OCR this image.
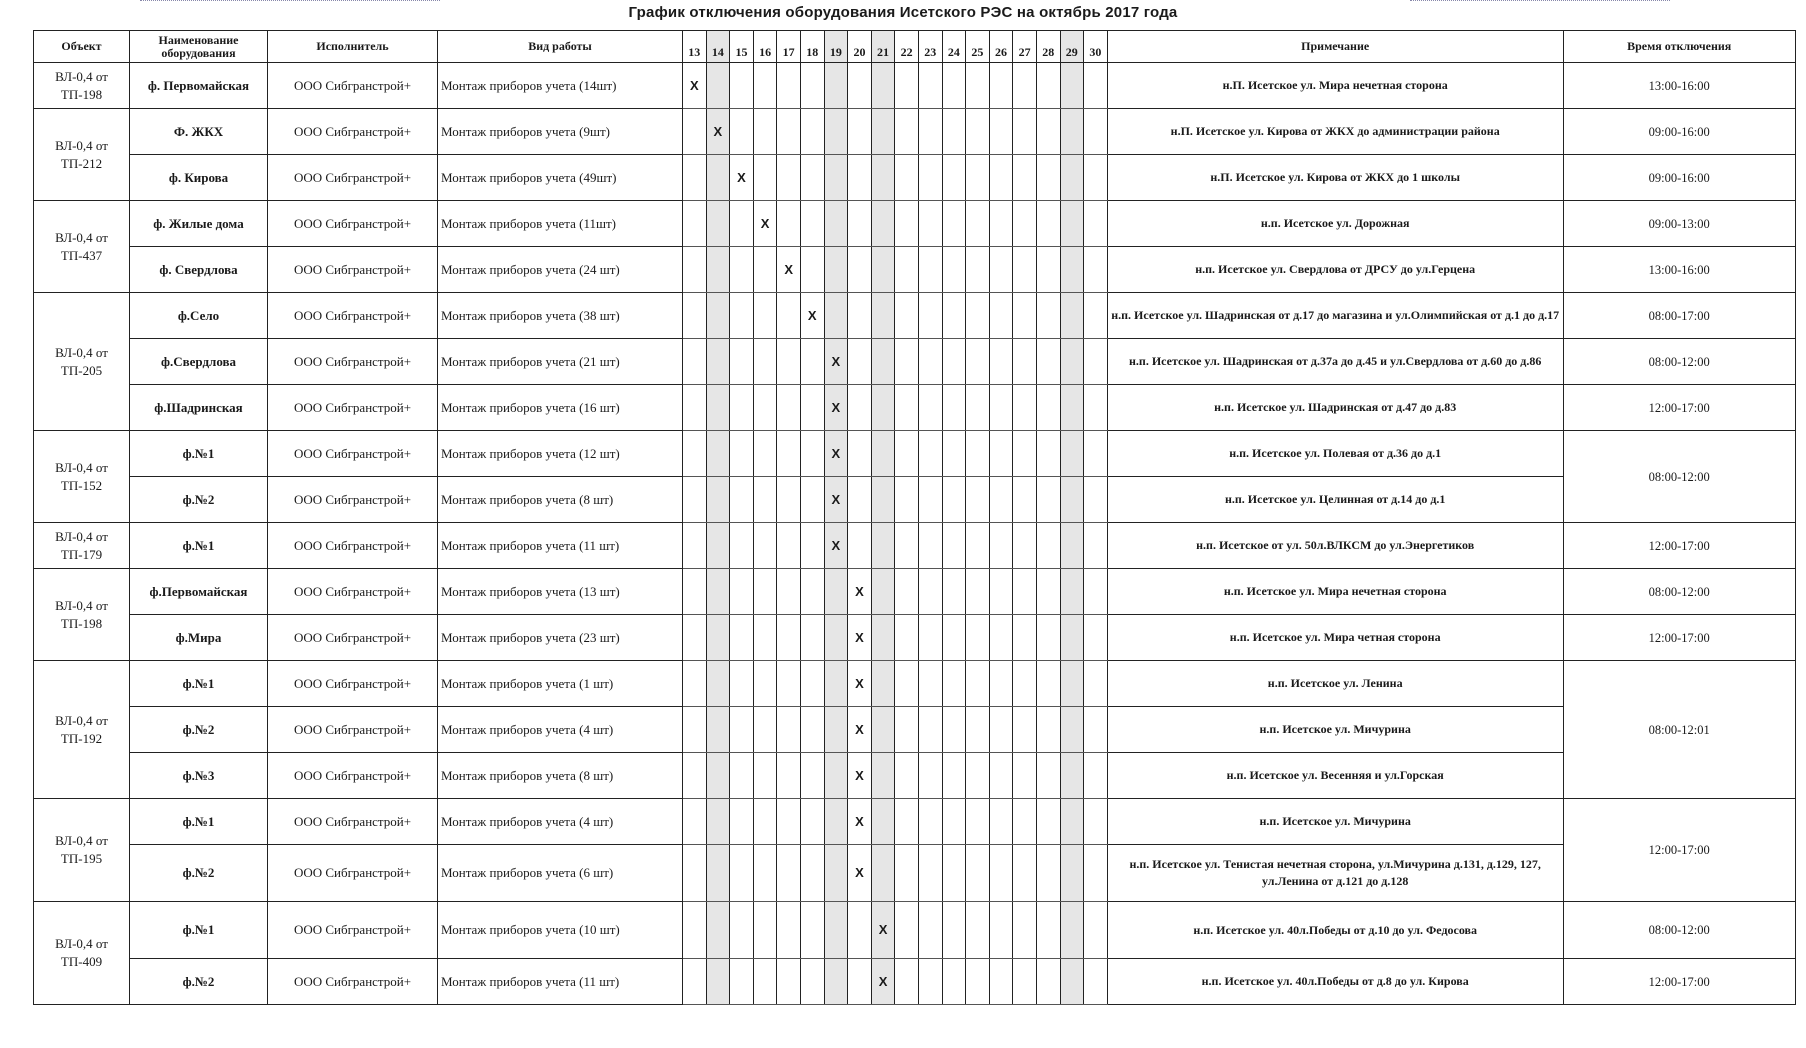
График отключения оборудования Исетского РЭС на октябрь 2017 года
Объект	Наименование оборудования	Исполнитель	Вид работы	13	14	15	16	17	18	19	20	21	22	23	24	25	26	27	28	29	30	Примечание	Время отключения
ВЛ-0,4 от ТП-198	ф. Первомайская	ООО Сибгранстрой+	Монтаж приборов учета (14шт)	X																		н.П. Исетское ул. Мира нечетная сторона	13:00-16:00
ВЛ-0,4 от ТП-212	Ф. ЖКХ	ООО Сибгранстрой+	Монтаж приборов учета (9шт)		X																	н.П. Исетское ул. Кирова от ЖКХ до администрации района	09:00-16:00
	ф. Кирова	ООО Сибгранстрой+	Монтаж приборов учета (49шт)			X																н.П. Исетское ул. Кирова от ЖКХ до 1 школы	09:00-16:00
ВЛ-0,4 от ТП-437	ф. Жилые дома	ООО Сибгранстрой+	Монтаж приборов учета (11шт)				X															н.п. Исетское ул. Дорожная	09:00-13:00
	ф. Свердлова	ООО Сибгранстрой+	Монтаж приборов учета (24 шт)					X														н.п. Исетское ул. Свердлова от ДРСУ до ул.Герцена	13:00-16:00
ВЛ-0,4 от ТП-205	ф.Село	ООО Сибгранстрой+	Монтаж приборов учета (38 шт)						X													н.п. Исетское ул. Шадринская от д.17 до магазина и ул.Олимпийская от д.1 до д.17	08:00-17:00
	ф.Свердлова	ООО Сибгранстрой+	Монтаж приборов учета (21 шт)							X												н.п. Исетское ул. Шадринская от д.37а до д.45 и ул.Свердлова от д.60 до д.86	08:00-12:00
	ф.Шадринская	ООО Сибгранстрой+	Монтаж приборов учета (16 шт)							X												н.п. Исетское ул. Шадринская от д.47 до д.83	12:00-17:00
ВЛ-0,4 от ТП-152	ф.№1	ООО Сибгранстрой+	Монтаж приборов учета (12 шт)							X												н.п. Исетское ул. Полевая от д.36 до д.1	08:00-12:00
	ф.№2	ООО Сибгранстрой+	Монтаж приборов учета (8 шт)							X												н.п. Исетское ул. Целинная от д.14 до д.1	
ВЛ-0,4 от ТП-179	ф.№1	ООО Сибгранстрой+	Монтаж приборов учета (11 шт)							X												н.п. Исетское от ул. 50л.ВЛКСМ до ул.Энергетиков	12:00-17:00
ВЛ-0,4 от ТП-198	ф.Первомайская	ООО Сибгранстрой+	Монтаж приборов учета (13 шт)								X											н.п. Исетское ул. Мира нечетная сторона	08:00-12:00
	ф.Мира	ООО Сибгранстрой+	Монтаж приборов учета (23 шт)								X											н.п. Исетское ул. Мира четная сторона	12:00-17:00
ВЛ-0,4 от ТП-192	ф.№1	ООО Сибгранстрой+	Монтаж приборов учета (1 шт)								X											н.п. Исетское ул. Ленина	08:00-12:01
	ф.№2	ООО Сибгранстрой+	Монтаж приборов учета (4 шт)								X											н.п. Исетское ул. Мичурина	
	ф.№3	ООО Сибгранстрой+	Монтаж приборов учета (8 шт)								X											н.п. Исетское ул. Весенняя и ул.Горская	
ВЛ-0,4 от ТП-195	ф.№1	ООО Сибгранстрой+	Монтаж приборов учета (4 шт)								X											н.п. Исетское ул. Мичурина	12:00-17:00
	ф.№2	ООО Сибгранстрой+	Монтаж приборов учета (6 шт)								X											н.п. Исетское ул. Тенистая нечетная сторона, ул.Мичурина д.131, д.129, 127, ул.Ленина от д.121 до д.128	
ВЛ-0,4 от ТП-409	ф.№1	ООО Сибгранстрой+	Монтаж приборов учета (10 шт)									X										н.п. Исетское ул. 40л.Победы от д.10 до ул. Федосова	08:00-12:00
	ф.№2	ООО Сибгранстрой+	Монтаж приборов учета (11 шт)									X										н.п. Исетское ул. 40л.Победы от д.8 до ул. Кирова	12:00-17:00
